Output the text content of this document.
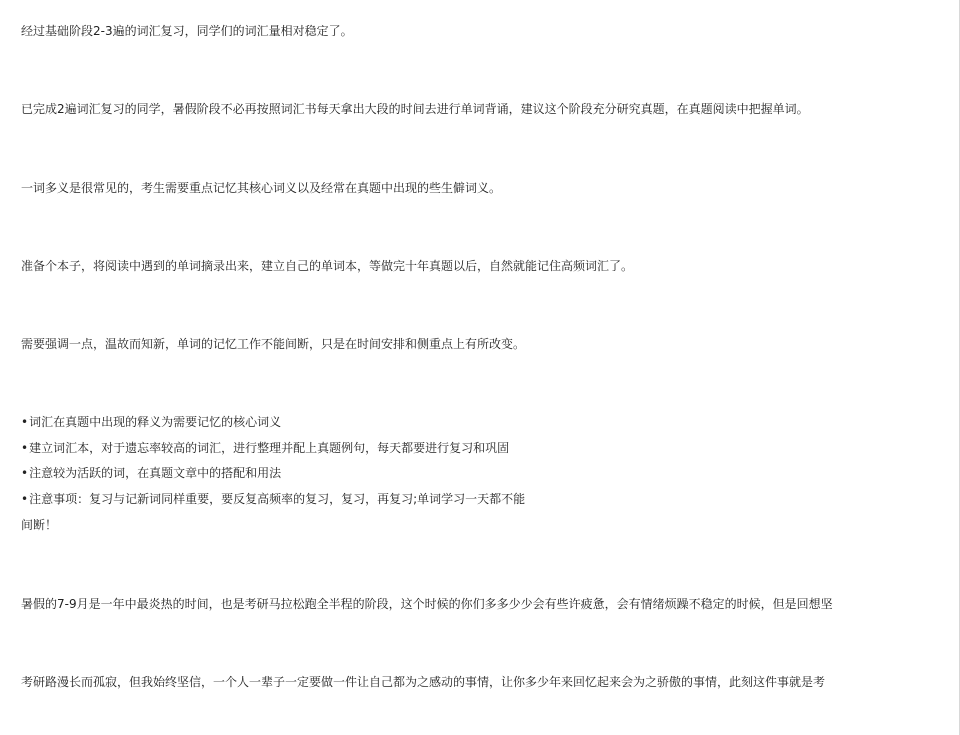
经过基础阶段2-3遍的词汇复习，同学们的词汇量相对稳定了。

已完成2遍词汇复习的同学，暑假阶段不必再按照词汇书每天拿出大段的时间去进行单词背诵，建议这个阶段充分研究真题，在真题阅读中把握单词。

一词多义是很常见的，考生需要重点记忆其核心词义以及经常在真题中出现的些生僻词义。

准备个本子，将阅读中遇到的单词摘录出来，建立自己的单词本，等做完十年真题以后，自然就能记住高频词汇了。

需要强调一点，温故而知新，单词的记忆工作不能间断，只是在时间安排和侧重点上有所改变。

• 词汇在真题中出现的释义为需要记忆的核心词义

• 建立词汇本，对于遗忘率较高的词汇，进行整理并配上真题例句，每天都要进行复习和巩固

• 注意较为活跃的词，在真题文章中的搭配和用法

• 注意事项：复习与记新词同样重要，要反复高频率的复习，复习，再复习;单词学习一天都不能

间断！

暑假的7-9月是一年中最炎热的时间，也是考研马拉松跑全半程的阶段，这个时候的你们多多少少会有些许疲惫，会有情绪烦躁不稳定的时候，但是回想坚

考研路漫长而孤寂，但我始终坚信，一个人一辈子一定要做一件让自己都为之感动的事情，让你多少年来回忆起来会为之骄傲的事情，此刻这件事就是考
